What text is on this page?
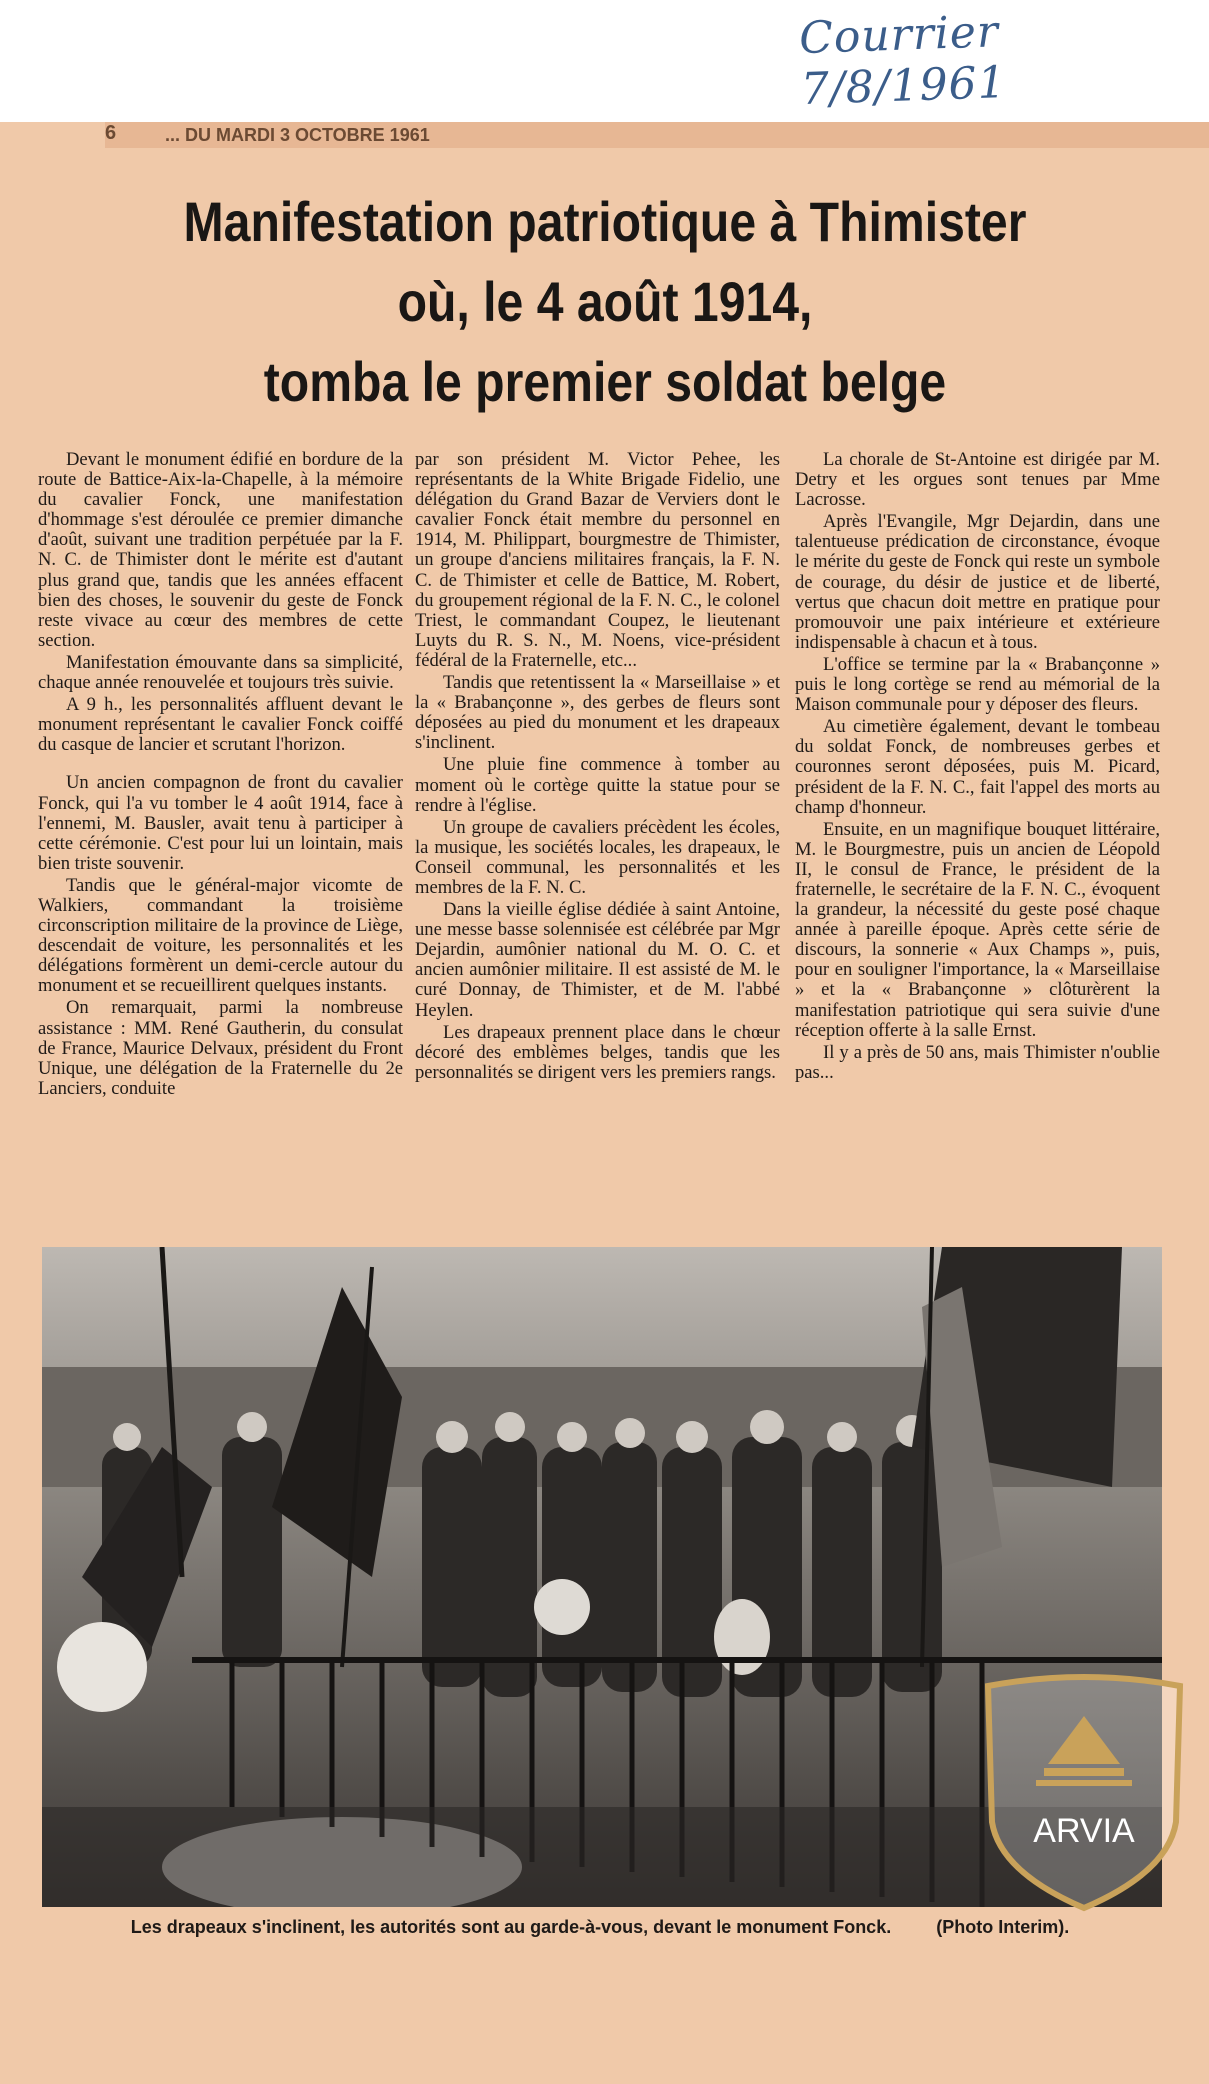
Courrier 7/8/1961
... DU MARDI 3 OCTOBRE 1961
6
Manifestation patriotique à Thimister
où, le 4 août 1914,
tomba le premier soldat belge

Devant le monument édifié en bordure de la route de Battice-Aix-la-Chapelle, à la mémoire du cavalier Fonck, une manifestation d'hommage s'est déroulée ce premier dimanche d'août, suivant une tradition perpétuée par la F. N. C. de Thimister dont le mérite est d'autant plus grand que, tandis que les années effacent bien des choses, le souvenir du geste de Fonck reste vivace au cœur des membres de cette section.

Manifestation émouvante dans sa simplicité, chaque année renouvelée et toujours très suivie.

A 9 h., les personnalités affluent devant le monument représentant le cavalier Fonck coiffé du casque de lancier et scrutant l'horizon.

Un ancien compagnon de front du cavalier Fonck, qui l'a vu tomber le 4 août 1914, face à l'ennemi, M. Bausler, avait tenu à participer à cette cérémonie. C'est pour lui un lointain, mais bien triste souvenir.

Tandis que le général-major vicomte de Walkiers, commandant la troisième circonscription militaire de la province de Liège, descendait de voiture, les personnalités et les délégations formèrent un demi-cercle autour du monument et se recueillirent quelques instants.

On remarquait, parmi la nombreuse assistance : MM. René Gautherin, du consulat de France, Maurice Delvaux, président du Front Unique, une délégation de la Fraternelle du 2e Lanciers, conduite

par son président M. Victor Pehee, les représentants de la White Brigade Fidelio, une délégation du Grand Bazar de Verviers dont le cavalier Fonck était membre du personnel en 1914, M. Philippart, bourgmestre de Thimister, un groupe d'anciens militaires français, la F. N. C. de Thimister et celle de Battice, M. Robert, du groupement régional de la F. N. C., le colonel Triest, le commandant Coupez, le lieutenant Luyts du R. S. N., M. Noens, vice-président fédéral de la Fraternelle, etc...

Tandis que retentissent la « Marseillaise » et la « Brabançonne », des gerbes de fleurs sont déposées au pied du monument et les drapeaux s'inclinent.

Une pluie fine commence à tomber au moment où le cortège quitte la statue pour se rendre à l'église.

Un groupe de cavaliers précèdent les écoles, la musique, les sociétés locales, les drapeaux, le Conseil communal, les personnalités et les membres de la F. N. C.

Dans la vieille église dédiée à saint Antoine, une messe basse solennisée est célébrée par Mgr Dejardin, aumônier national du M. O. C. et ancien aumônier militaire. Il est assisté de M. le curé Donnay, de Thimister, et de M. l'abbé Heylen.

Les drapeaux prennent place dans le chœur décoré des emblèmes belges, tandis que les personnalités se dirigent vers les premiers rangs.

La chorale de St-Antoine est dirigée par M. Detry et les orgues sont tenues par Mme Lacrosse.

Après l'Evangile, Mgr Dejardin, dans une talentueuse prédication de circonstance, évoque le mérite du geste de Fonck qui reste un symbole de courage, du désir de justice et de liberté, vertus que chacun doit mettre en pratique pour promouvoir une paix intérieure et extérieure indispensable à chacun et à tous.

L'office se termine par la « Brabançonne » puis le long cortège se rend au mémorial de la Maison communale pour y déposer des fleurs.

Au cimetière également, devant le tombeau du soldat Fonck, de nombreuses gerbes et couronnes seront déposées, puis M. Picard, président de la F. N. C., fait l'appel des morts au champ d'honneur.

Ensuite, en un magnifique bouquet littéraire, M. le Bourgmestre, puis un ancien de Léopold II, le consul de France, le président de la fraternelle, le secrétaire de la F. N. C., évoquent la grandeur, la nécessité du geste posé chaque année à pareille époque. Après cette série de discours, la sonnerie « Aux Champs », puis, pour en souligner l'importance, la « Marseillaise » et la « Brabançonne » clôturèrent la manifestation patriotique qui sera suivie d'une réception offerte à la salle Ernst.

Il y a près de 50 ans, mais Thimister n'oublie pas...

Les drapeaux s'inclinent, les autorités sont au garde-à-vous, devant le monument Fonck.	(Photo Interim).
ARVIA
